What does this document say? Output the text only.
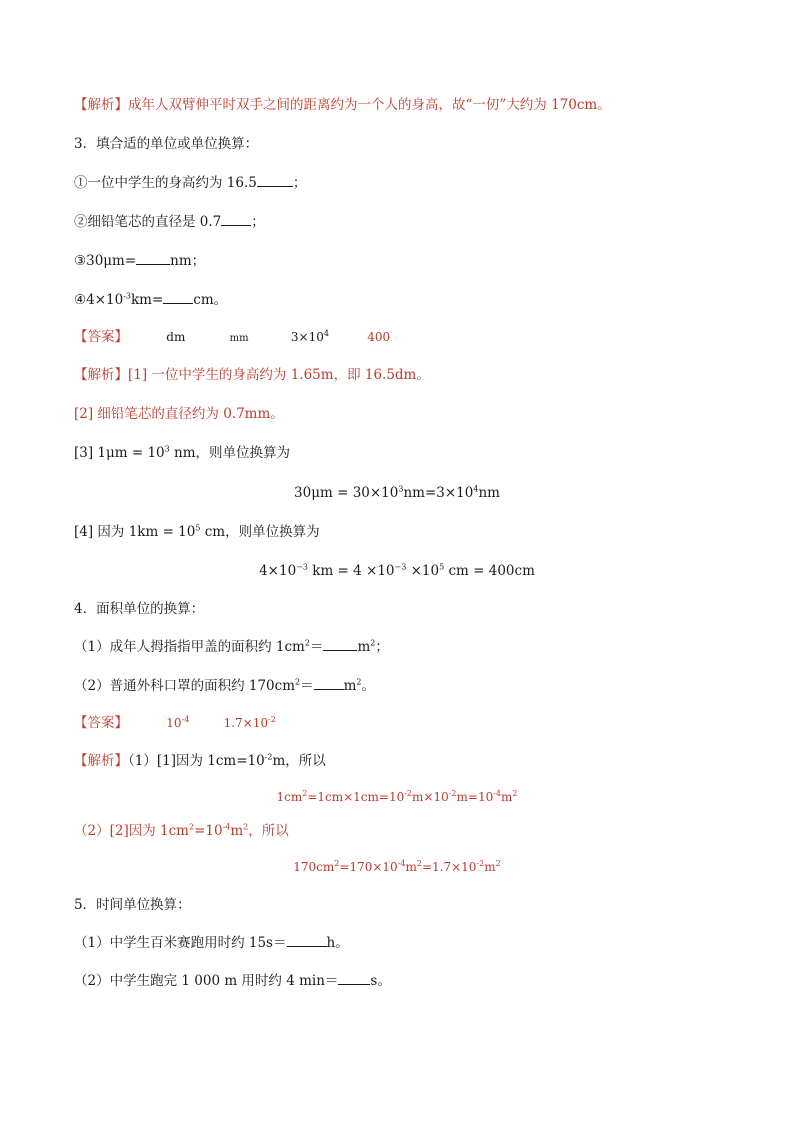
【解析】成年人双臂伸平时双手之间的距离约为一个人的身高，故“一仞”大约为 170cm。
3．填合适的单位或单位换算：
①一位中学生的身高约为 16.5	；
②细铅笔芯的直径是 0.7 ；
③30μm=	nm；
$④4\times 10^{-3}km=$ cm。
【答案】	dm	mm	$3\times 10^4$	400
【解析】[1] 一位中学生的身高约为 1.65m，即 16.5dm。
[2] 细铅笔芯的直径约为 0.7mm。
[3] $1\mu m = 10^3$ nm，则单位换算为
$30\mu m = 30\times 10^3nm=3\times 10^4nm$
[4] 因为 $1km = 10^5$ cm，则单位换算为
$4\times 10^{-3}$ km = $4 \times 10^{-3} \times 10^5$ cm = 400cm
4．面积单位的换算：
（1）成年人拇指指甲盖的面积约 $1cm^2=$	$m^2$；
（2）普通外科口罩的面积约 $170cm^2= m^2$。
【答案】	$10^{-4}$	$1.7\times 10^{-2}$
【解析】（1）[1]因为 $1cm=10^{-2}m$，所以
$1cm^2=1cm\times 1cm=10^{-2}m\times 10^{-2}m=10^{-4}m^2$
（2）[2]因为 $1cm^2=10^{-4}m^2$，所以
$170cm^2=170\times 10^{-4}m^2=1.7\times 10^{-2}m^2$
5．时间单位换算：
（1）中学生百米赛跑用时约 15s＝	h。
（2）中学生跑完 1 000 m 用时约 4 min＝ s。
